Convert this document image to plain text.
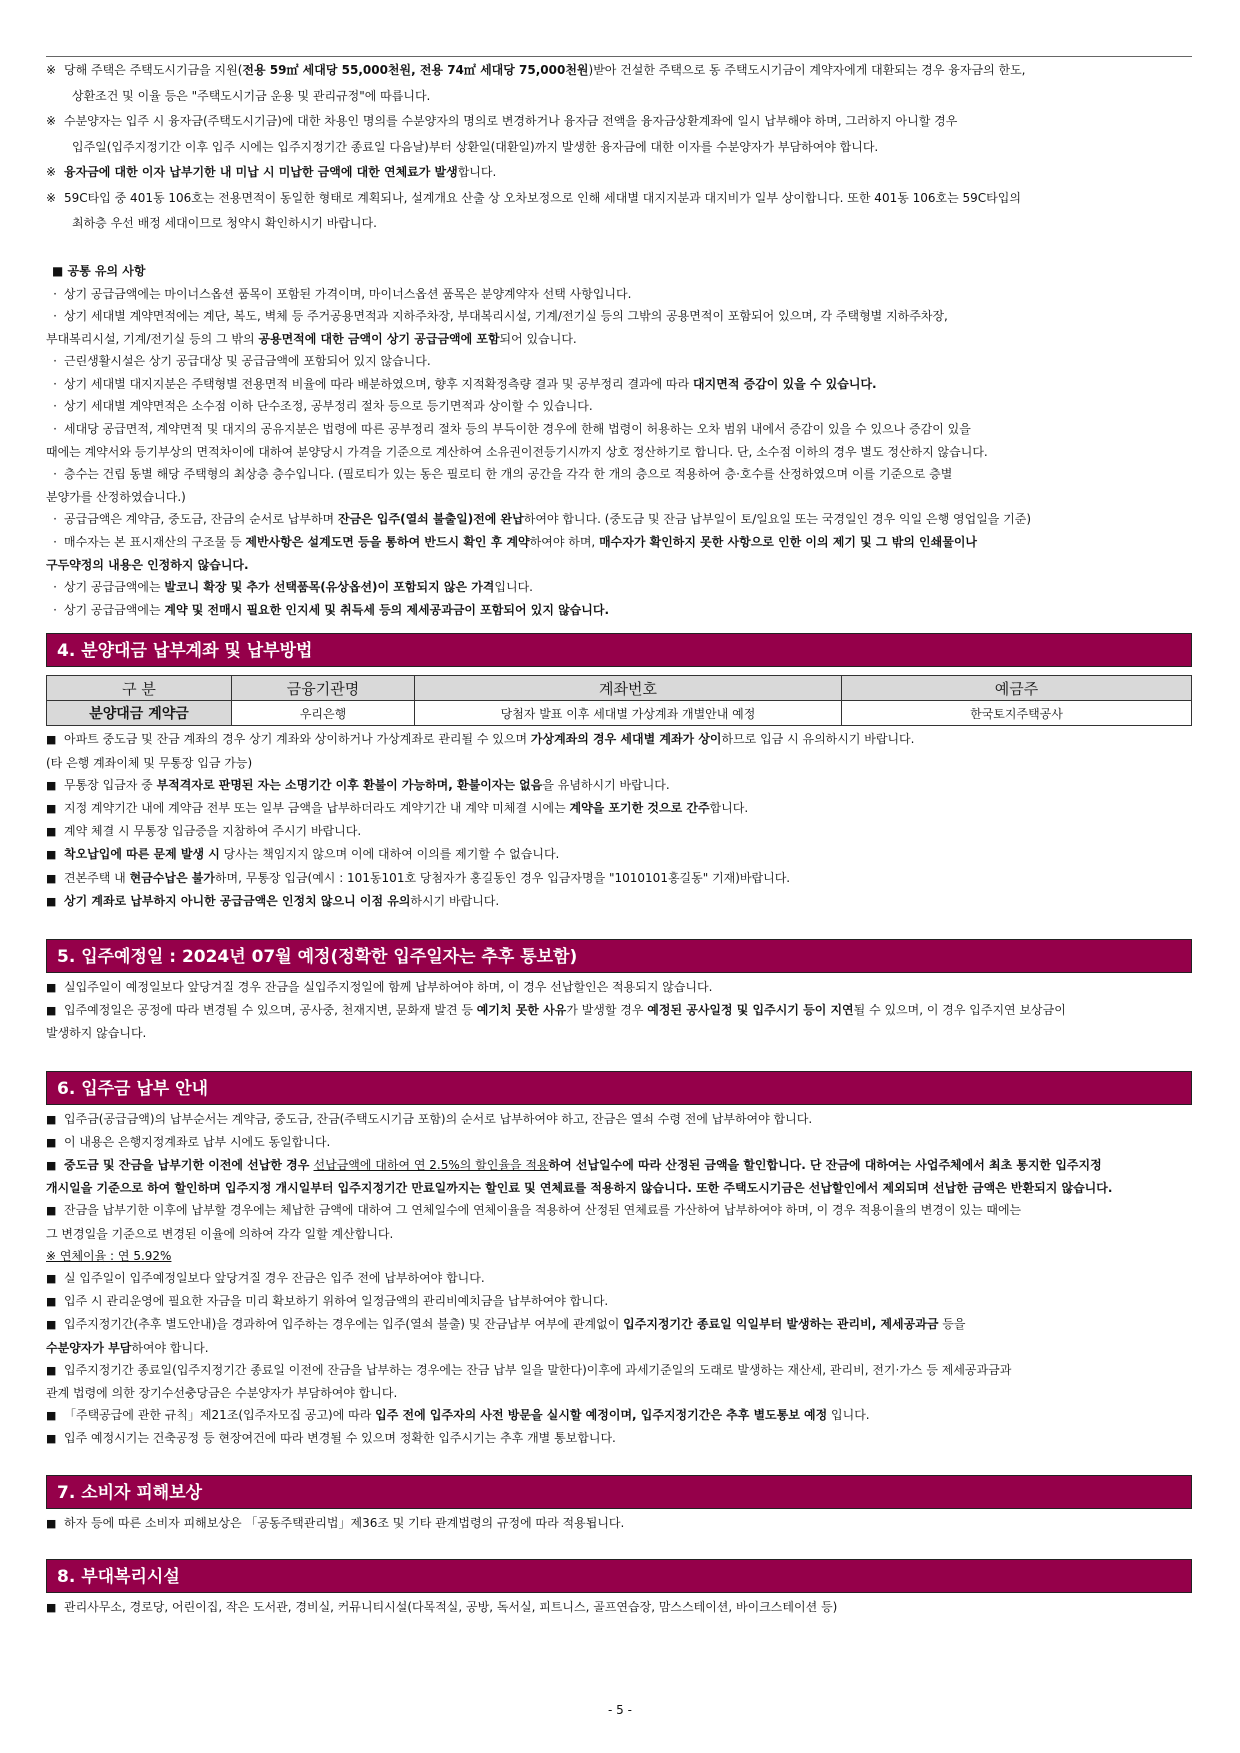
※ 당해 주택은 주택도시기금을 지원(전용 59㎡ 세대당 55,000천원, 전용 74㎡ 세대당 75,000천원)받아 건설한 주택으로 동 주택도시기금이 계약자에게 대환되는 경우 융자금의 한도,
상환조건 및 이율 등은 "주택도시기금 운용 및 관리규정"에 따릅니다.
※ 수분양자는 입주 시 융자금(주택도시기금)에 대한 차용인 명의를 수분양자의 명의로 변경하거나 융자금 전액을 융자금상환계좌에 일시 납부해야 하며, 그러하지 아니할 경우
입주일(입주지정기간 이후 입주 시에는 입주지정기간 종료일 다음날)부터 상환일(대환일)까지 발생한 융자금에 대한 이자를 수분양자가 부담하여야 합니다.
※ 융자금에 대한 이자 납부기한 내 미납 시 미납한 금액에 대한 연체료가 발생합니다.
※ 59C타입 중 401동 106호는 전용면적이 동일한 형태로 계획되나, 설계개요 산출 상 오차보정으로 인해 세대별 대지지분과 대지비가 일부 상이합니다. 또한 401동 106호는 59C타입의
최하층 우선 배정 세대이므로 청약시 확인하시기 바랍니다.
■ 공통 유의 사항
· 상기 공급금액에는 마이너스옵션 품목이 포함된 가격이며, 마이너스옵션 품목은 분양계약자 선택 사항입니다.
· 상기 세대별 계약면적에는 계단, 복도, 벽체 등 주거공용면적과 지하주차장, 부대복리시설, 기계/전기실 등의 그밖의 공용면적이 포함되어 있으며, 각 주택형별 지하주차장,
부대복리시설, 기계/전기실 등의 그 밖의 공용면적에 대한 금액이 상기 공급금액에 포함되어 있습니다.
· 근린생활시설은 상기 공급대상 및 공급금액에 포함되어 있지 않습니다.
· 상기 세대별 대지지분은 주택형별 전용면적 비율에 따라 배분하였으며, 향후 지적확정측량 결과 및 공부정리 결과에 따라 대지면적 증감이 있을 수 있습니다.
· 상기 세대별 계약면적은 소수점 이하 단수조정, 공부정리 절차 등으로 등기면적과 상이할 수 있습니다.
· 세대당 공급면적, 계약면적 및 대지의 공유지분은 법령에 따른 공부정리 절차 등의 부득이한 경우에 한해 법령이 허용하는 오차 범위 내에서 증감이 있을 수 있으나 증감이 있을
때에는 계약서와 등기부상의 면적차이에 대하여 분양당시 가격을 기준으로 계산하여 소유권이전등기시까지 상호 정산하기로 합니다. 단, 소수점 이하의 경우 별도 정산하지 않습니다.
· 층수는 건립 동별 해당 주택형의 최상층 층수입니다. (필로티가 있는 동은 필로티 한 개의 공간을 각각 한 개의 층으로 적용하여 층·호수를 산정하였으며 이를 기준으로 층별
분양가를 산정하였습니다.)
· 공급금액은 계약금, 중도금, 잔금의 순서로 납부하며 잔금은 입주(열쇠 불출일)전에 완납하여야 합니다. (중도금 및 잔금 납부일이 토/일요일 또는 국경일인 경우 익일 은행 영업일을 기준)
· 매수자는 본 표시재산의 구조물 등 제반사항은 설계도면 등을 통하여 반드시 확인 후 계약하여야 하며, 매수자가 확인하지 못한 사항으로 인한 이의 제기 및 그 밖의 인쇄물이나
구두약정의 내용은 인정하지 않습니다.
· 상기 공급금액에는 발코니 확장 및 추가 선택품목(유상옵션)이 포함되지 않은 가격입니다.
· 상기 공급금액에는 계약 및 전매시 필요한 인지세 및 취득세 등의 제세공과금이 포함되어 있지 않습니다.
4. 분양대금 납부계좌 및 납부방법
구 분	금융기관명	계좌번호	예금주
분양대금 계약금	우리은행	당첨자 발표 이후 세대별 가상계좌 개별안내 예정	한국토지주택공사
■ 아파트 중도금 및 잔금 계좌의 경우 상기 계좌와 상이하거나 가상계좌로 관리될 수 있으며 가상계좌의 경우 세대별 계좌가 상이하므로 입금 시 유의하시기 바랍니다.
(타 은행 계좌이체 및 무통장 입금 가능)
■ 무통장 입금자 중 부적격자로 판명된 자는 소명기간 이후 환불이 가능하며, 환불이자는 없음을 유념하시기 바랍니다.
■ 지정 계약기간 내에 계약금 전부 또는 일부 금액을 납부하더라도 계약기간 내 계약 미체결 시에는 계약을 포기한 것으로 간주합니다.
■ 계약 체결 시 무통장 입금증을 지참하여 주시기 바랍니다.
■ 착오납입에 따른 문제 발생 시 당사는 책임지지 않으며 이에 대하여 이의를 제기할 수 없습니다.
■ 견본주택 내 현금수납은 불가하며, 무통장 입금(예시 : 101동101호 당첨자가 홍길동인 경우 입금자명을 "1010101홍길동" 기재)바랍니다.
■ 상기 계좌로 납부하지 아니한 공급금액은 인정치 않으니 이점 유의하시기 바랍니다.
5. 입주예정일 : 2024년 07월 예정(정확한 입주일자는 추후 통보함)
■ 실입주일이 예정일보다 앞당겨질 경우 잔금을 실입주지정일에 함께 납부하여야 하며, 이 경우 선납할인은 적용되지 않습니다.
■ 입주예정일은 공정에 따라 변경될 수 있으며, 공사중, 천재지변, 문화재 발견 등 예기치 못한 사유가 발생할 경우 예정된 공사일정 및 입주시기 등이 지연될 수 있으며, 이 경우 입주지연 보상금이
발생하지 않습니다.
6. 입주금 납부 안내
■ 입주금(공급금액)의 납부순서는 계약금, 중도금, 잔금(주택도시기금 포함)의 순서로 납부하여야 하고, 잔금은 열쇠 수령 전에 납부하여야 합니다.
■ 이 내용은 은행지정계좌로 납부 시에도 동일합니다.
■ 중도금 및 잔금을 납부기한 이전에 선납한 경우 선납금액에 대하여 연 2.5%의 할인율을 적용하여 선납일수에 따라 산정된 금액을 할인합니다. 단 잔금에 대하여는 사업주체에서 최초 통지한 입주지정
개시일을 기준으로 하여 할인하며 입주지정 개시일부터 입주지정기간 만료일까지는 할인료 및 연체료를 적용하지 않습니다. 또한 주택도시기금은 선납할인에서 제외되며 선납한 금액은 반환되지 않습니다.
■ 잔금을 납부기한 이후에 납부할 경우에는 체납한 금액에 대하여 그 연체일수에 연체이율을 적용하여 산정된 연체료를 가산하여 납부하여야 하며, 이 경우 적용이율의 변경이 있는 때에는
그 변경일을 기준으로 변경된 이율에 의하여 각각 일할 계산합니다.
※ 연체이율 : 연 5.92%
■ 실 입주일이 입주예정일보다 앞당겨질 경우 잔금은 입주 전에 납부하여야 합니다.
■ 입주 시 관리운영에 필요한 자금을 미리 확보하기 위하여 일정금액의 관리비예치금을 납부하여야 합니다.
■ 입주지정기간(추후 별도안내)을 경과하여 입주하는 경우에는 입주(열쇠 불출) 및 잔금납부 여부에 관계없이 입주지정기간 종료일 익일부터 발생하는 관리비, 제세공과금 등을
수분양자가 부담하여야 합니다.
■ 입주지정기간 종료일(입주지정기간 종료일 이전에 잔금을 납부하는 경우에는 잔금 납부 일을 말한다)이후에 과세기준일의 도래로 발생하는 재산세, 관리비, 전기·가스 등 제세공과금과
관계 법령에 의한 장기수선충당금은 수분양자가 부담하여야 합니다.
■ 「주택공급에 관한 규칙」제21조(입주자모집 공고)에 따라 입주 전에 입주자의 사전 방문을 실시할 예정이며, 입주지정기간은 추후 별도통보 예정 입니다.
■ 입주 예정시기는 건축공정 등 현장여건에 따라 변경될 수 있으며 정확한 입주시기는 추후 개별 통보합니다.
7. 소비자 피해보상
■ 하자 등에 따른 소비자 피해보상은 「공동주택관리법」제36조 및 기타 관계법령의 규정에 따라 적용됩니다.
8. 부대복리시설
■ 관리사무소, 경로당, 어린이집, 작은 도서관, 경비실, 커뮤니티시설(다목적실, 공방, 독서실, 피트니스, 골프연습장, 맘스스테이션, 바이크스테이션 등)
- 5 -
